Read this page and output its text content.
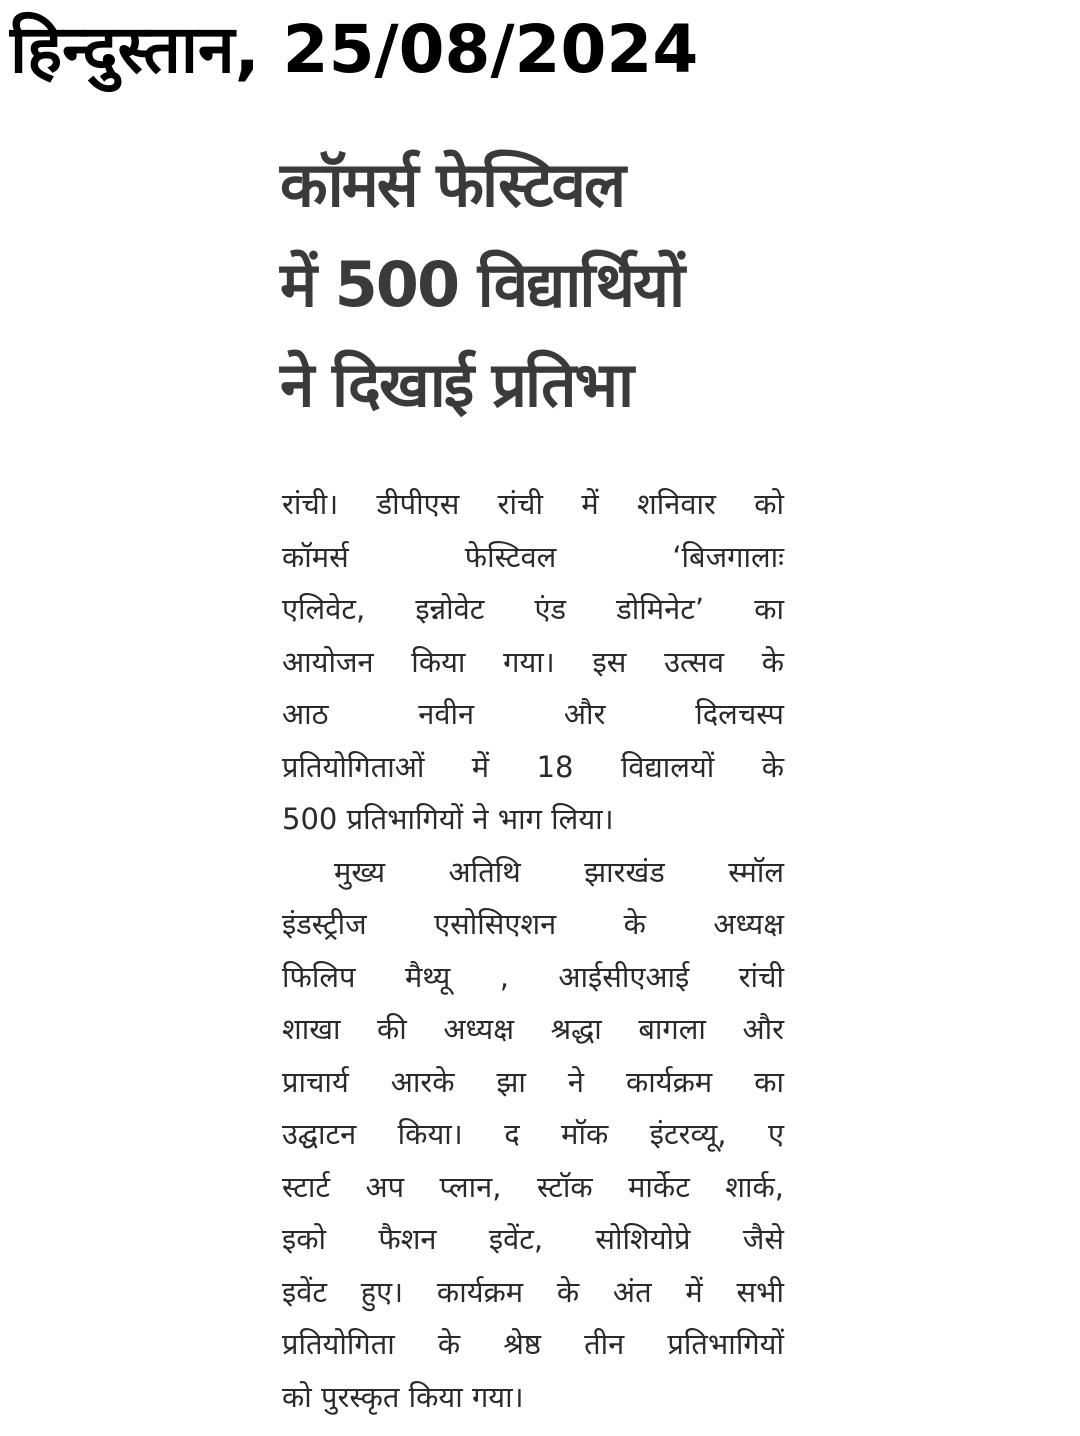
हिन्दुस्तान, 25/08/2024
कॉमर्स फेस्टिवल
में 500 विद्यार्थियों
ने दिखाई प्रतिभा
रांची। डीपीएस रांची में शनिवार को
कॉमर्स फेस्टिवल ‘बिजगालाः
एलिवेट, इन्नोवेट एंड डोमिनेट’ का
आयोजन किया गया। इस उत्सव के
आठ नवीन और दिलचस्प
प्रतियोगिताओं में 18 विद्यालयों के
500 प्रतिभागियों ने भाग लिया।
मुख्य अतिथि झारखंड स्मॉल
इंडस्ट्रीज एसोसिएशन के अध्यक्ष
फिलिप मैथ्यू , आईसीएआई रांची
शाखा की अध्यक्ष श्रद्धा बागला और
प्राचार्य आरके झा ने कार्यक्रम का
उद्घाटन किया। द मॉक इंटरव्यू, ए
स्टार्ट अप प्लान, स्टॉक मार्केट शार्क,
इको फैशन इवेंट, सोशियोप्रे जैसे
इवेंट हुए। कार्यक्रम के अंत में सभी
प्रतियोगिता के श्रेष्ठ तीन प्रतिभागियों
को पुरस्कृत किया गया।
